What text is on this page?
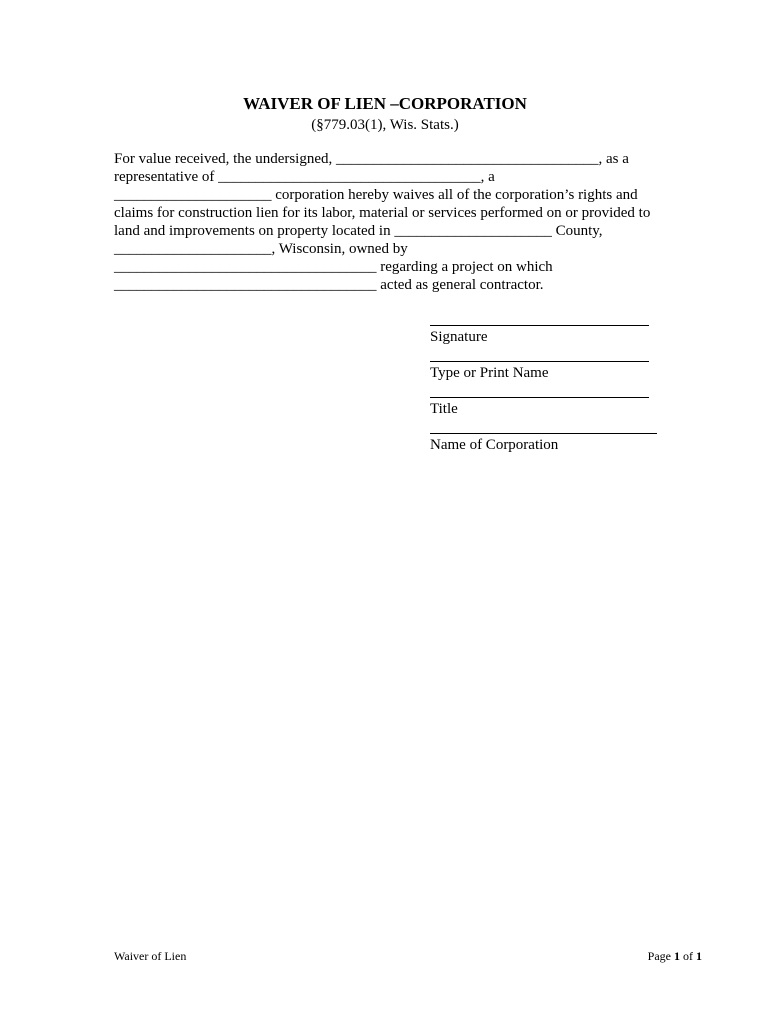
WAIVER OF LIEN –CORPORATION
(§779.03(1), Wis. Stats.)
For value received, the undersigned, ___________________________________, as a
representative of ___________________________________, a
_____________________ corporation hereby waives all of the corporation’s rights and
claims for construction lien for its labor, material or services performed on or provided to
land and improvements on property located in _____________________ County,
_____________________, Wisconsin, owned by
___________________________________ regarding a project on which
___________________________________ acted as general contractor.
Signature
Type or Print Name
Title
Name of Corporation
Waiver of Lien	Page 1 of 1
